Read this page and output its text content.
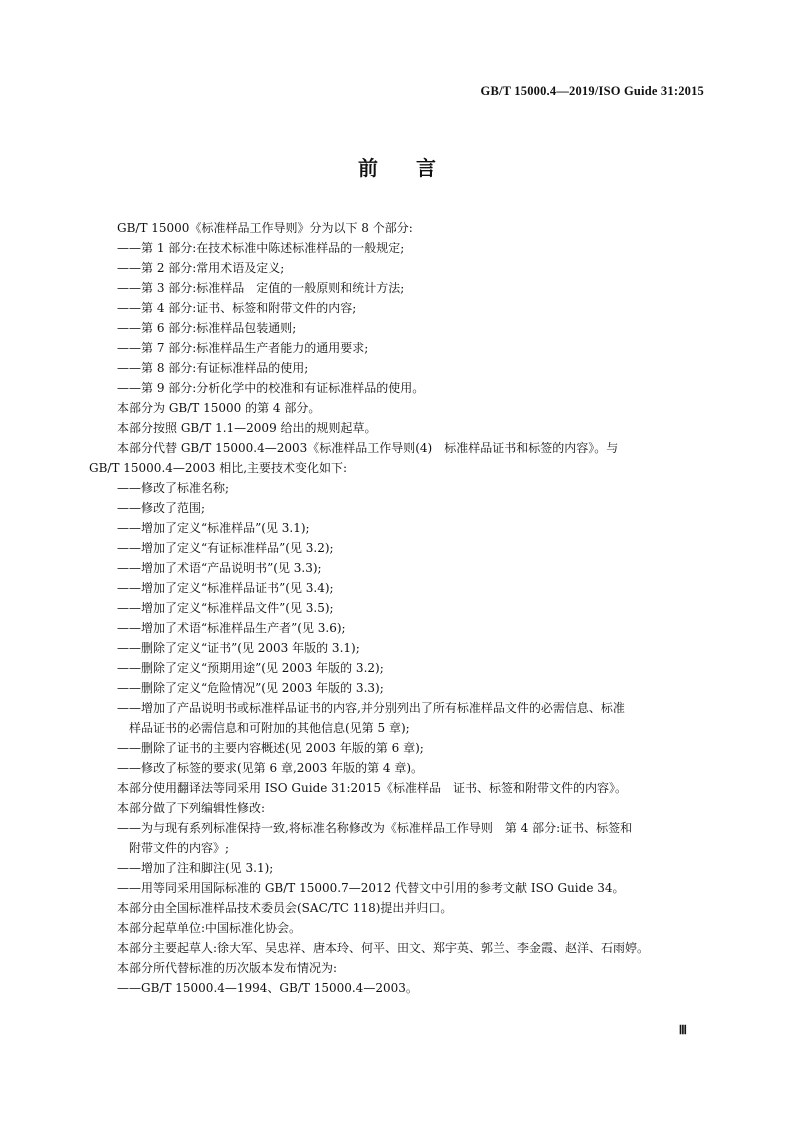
GB/T 15000.4—2019/ISO Guide 31:2015
前言

GB/T 15000《标准样品工作导则》分为以下 8 个部分:

——第 1 部分:在技术标准中陈述标准样品的一般规定;

——第 2 部分:常用术语及定义;

——第 3 部分:标准样品　定值的一般原则和统计方法;

——第 4 部分:证书、标签和附带文件的内容;

——第 6 部分:标准样品包装通则;

——第 7 部分:标准样品生产者能力的通用要求;

——第 8 部分:有证标准样品的使用;

——第 9 部分:分析化学中的校准和有证标准样品的使用。

本部分为 GB/T 15000 的第 4 部分。

本部分按照 GB/T 1.1—2009 给出的规则起草。

本部分代替 GB/T 15000.4—2003《标准样品工作导则(4)　标准样品证书和标签的内容》。与

GB/T 15000.4—2003 相比,主要技术变化如下:

——修改了标准名称;

——修改了范围;

——增加了定义“标准样品”(见 3.1);

——增加了定义“有证标准样品”(见 3.2);

——增加了术语“产品说明书”(见 3.3);

——增加了定义“标准样品证书”(见 3.4);

——增加了定义“标准样品文件”(见 3.5);

——增加了术语“标准样品生产者”(见 3.6);

——删除了定义“证书”(见 2003 年版的 3.1);

——删除了定义“预期用途”(见 2003 年版的 3.2);

——删除了定义“危险情况”(见 2003 年版的 3.3);

——增加了产品说明书或标准样品证书的内容,并分别列出了所有标准样品文件的必需信息、标准

　样品证书的必需信息和可附加的其他信息(见第 5 章);

——删除了证书的主要内容概述(见 2003 年版的第 6 章);

——修改了标签的要求(见第 6 章,2003 年版的第 4 章)。

本部分使用翻译法等同采用 ISO Guide 31:2015《标准样品　证书、标签和附带文件的内容》。

本部分做了下列编辑性修改:

——为与现有系列标准保持一致,将标准名称修改为《标准样品工作导则　第 4 部分:证书、标签和

　附带文件的内容》;

——增加了注和脚注(见 3.1);

——用等同采用国际标准的 GB/T 15000.7—2012 代替文中引用的参考文献 ISO Guide 34。

本部分由全国标准样品技术委员会(SAC/TC 118)提出并归口。

本部分起草单位:中国标准化协会。

本部分主要起草人:徐大军、吴忠祥、唐本玲、何平、田文、郑宇英、郭兰、李金霞、赵洋、石雨婷。

本部分所代替标准的历次版本发布情况为:

——GB/T 15000.4—1994、GB/T 15000.4—2003。

Ⅲ
